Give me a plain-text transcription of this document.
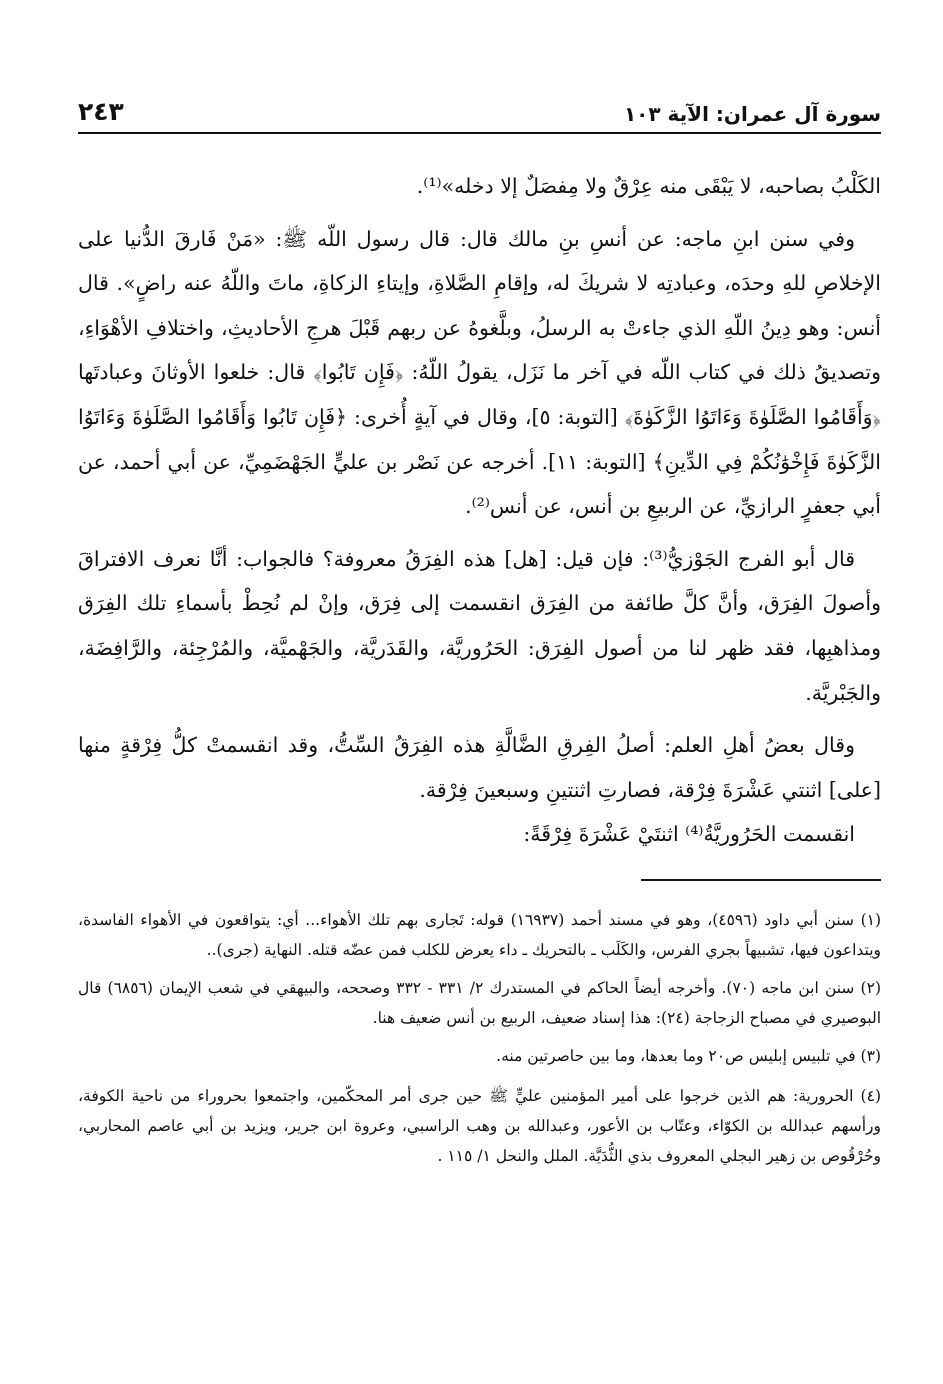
سورة آل عمران: الآية ١٠٣
٢٤٣

الكَلْبُ بصاحبه، لا يَبْقَى منه عِرْقٌ ولا مِفصَلٌ إلا دخله»⁽¹⁾.

وفي سنن ابنِ ماجه: عن أنسِ بنِ مالك قال: قال رسول اللّه ﷺ: «مَنْ فَارقَ الدُّنيا على الإخلاصِ للهِ وحدَه، وعبادتِه لا شريكَ له، وإقامِ الصَّلاةِ، وإيتاءِ الزكاةِ، ماتَ واللّهُ عنه راضٍ». قال أنس: وهو دِينُ اللّهِ الذي جاءتْ به الرسلُ، وبلَّغوهُ عن ربهم قَبْلَ هرجِ الأحاديثِ، واختلافِ الأهْوَاءِ، وتصديقُ ذلك في كتاب اللّه في آخر ما نَزَل، يقولُ اللّهُ: ﴿فَإِن تَابُوا﴾ قال: خلعوا الأوثانَ وعبادتَها ﴿وَأَقَامُوا الصَّلَوٰةَ وَءَاتَوُا الزَّكَوٰةَ﴾ [التوبة: ٥]، وقال في آيةٍ أُخرى: ﴿فَإِن تَابُوا وَأَقَامُوا الصَّلَوٰةَ وَءَاتَوُا الزَّكَوٰةَ فَإِخْوَٰنُكُمْ فِي الدِّينِ﴾ [التوبة: ١١]. أخرجه عن نَصْر بن عليٍّ الجَهْضَمِيِّ، عن أبي أحمد، عن أبي جعفرٍ الرازيِّ، عن الربيعِ بن أنس، عن أنس⁽²⁾.

قال أبو الفرج الجَوْزيُّ⁽³⁾: فإن قيل: [هل] هذه الفِرَقُ معروفة؟ فالجواب: أنَّا نعرف الافتراقَ وأصولَ الفِرَق، وأنَّ كلَّ طائفة من الفِرَق انقسمت إلى فِرَق، وإنْ لم نُحِطْ بأسماءِ تلك الفِرَق ومذاهبِها، فقد ظهر لنا من أصول الفِرَق: الحَرُوريَّة، والقَدَريَّة، والجَهْميَّة، والمُرْجِئة، والرَّافِضَة، والجَبْريَّة.

وقال بعضُ أهلِ العلم: أصلُ الفِرقِ الضَّالَّةِ هذه الفِرَقُ السِّتُّ، وقد انقسمتْ كلُّ فِرْقةٍ منها [على] اثنتي عَشْرَةَ فِرْقة، فصارتِ اثنتينِ وسبعينَ فِرْقة.

انقسمت الحَرُوريَّةُ⁽⁴⁾ اثنتَيْ عَشْرَةَ فِرْقَةً:

(١) سنن أبي داود (٤٥٩٦)، وهو في مسند أحمد (١٦٩٣٧) قوله: تَجارى بهم تلك الأهواء... أي: يتواقعون في الأهواء الفاسدة، ويتداعون فيها، تشبيهاً بجري الفرس، والكَلَب ـ بالتحريك ـ داء يعرض للكلب فمن عضّه قتله. النهاية (جرى)..

(٢) سنن ابن ماجه (٧٠). وأخرجه أيضاً الحاكم في المستدرك ٢/ ٣٣١ - ٣٣٢ وصححه، والبيهقي في شعب الإيمان (٦٨٥٦) قال البوصيري في مصباح الزجاجة (٢٤): هذا إسناد ضعيف، الربيع بن أنس ضعيف هنا.

(٣) في تلبيس إبليس ص٢٠ وما بعدها، وما بين حاصرتين منه.

(٤) الحرورية: هم الذين خرجوا على أمير المؤمنين عليٍّ ﷺ حين جرى أمر المحكّمين، واجتمعوا بحروراء من ناحية الكوفة، ورأسهم عبدالله بن الكوّاء، وعتّاب بن الأعور، وعبدالله بن وهب الراسبي، وعروة ابن جرير، ويزيد بن أبي عاصم المحاربي، وحُرْقُوص بن زهير البجلي المعروف بذي الثُّدَيَّة. الملل والنحل ١/ ١١٥ .
